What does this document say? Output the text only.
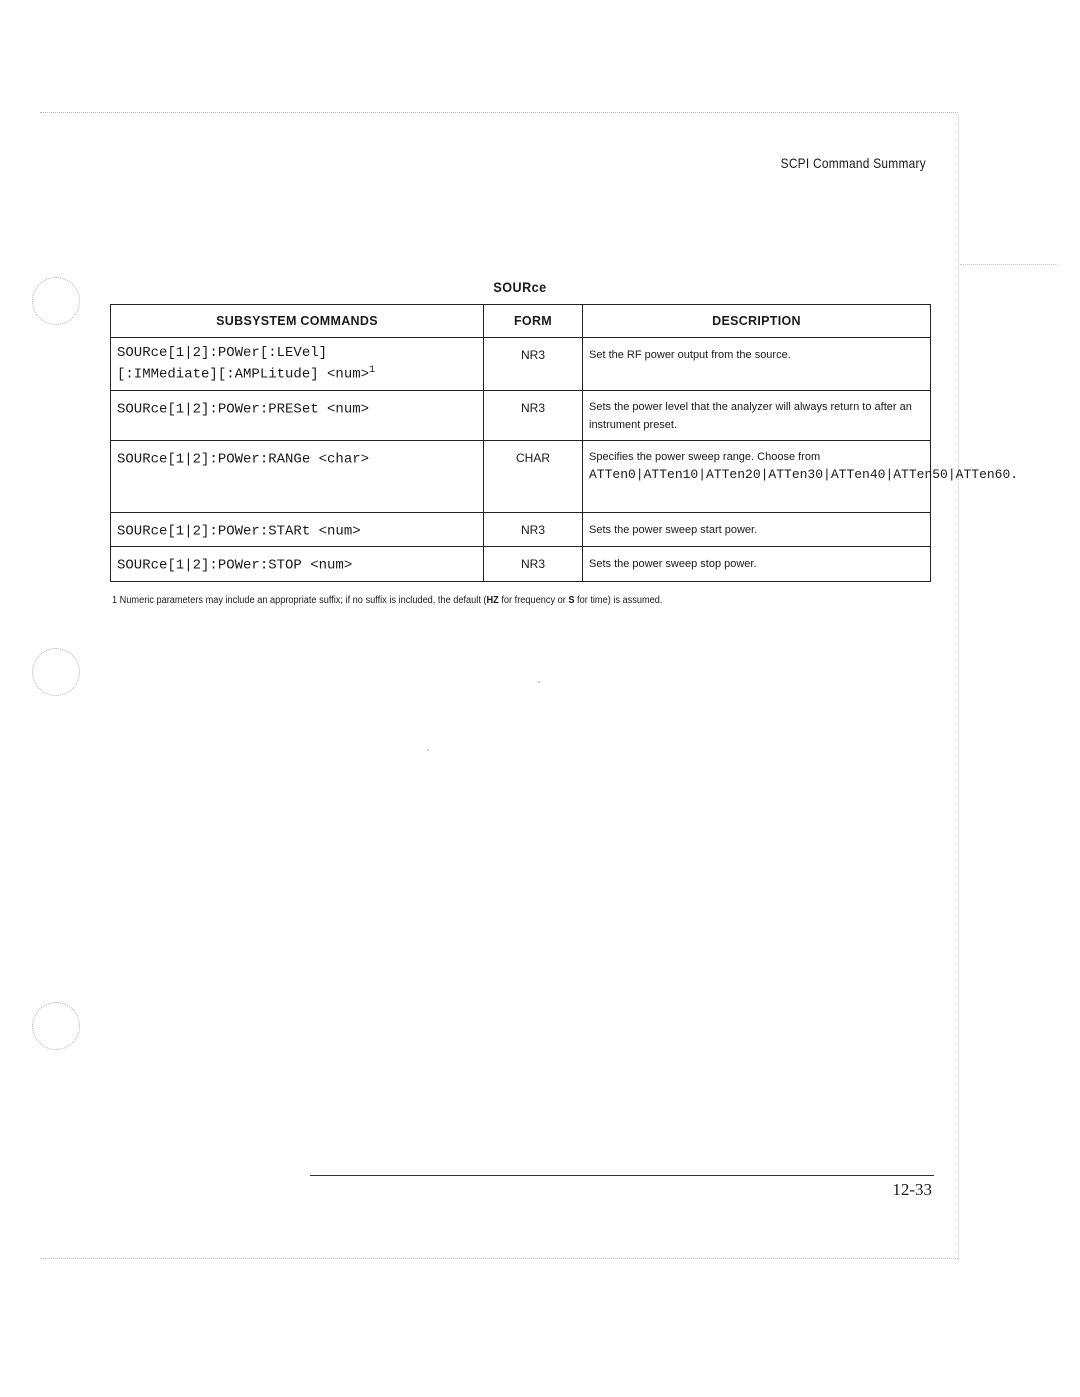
SCPI Command Summary
SOURce
SUBSYSTEM COMMANDS	FORM	DESCRIPTION
SOURce[1|2]:POWer[:LEVel]
[:IMMediate][:AMPLitude] <num>$^1$	NR3	Set the RF power output from the source.
SOURce[1|2]:POWer:PRESet <num>	NR3	Sets the power level that the analyzer will always return to after an instrument preset.
SOURce[1|2]:POWer:RANGe <char>	CHAR	Specifies the power sweep range. Choose from ATTen0|ATTen10|ATTen20|ATTen30|ATTen40|ATTen50|ATTen60.
SOURce[1|2]:POWer:STARt <num>	NR3	Sets the power sweep start power.
SOURce[1|2]:POWer:STOP <num>	NR3	Sets the power sweep stop power.
1 Numeric parameters may include an appropriate suffix; if no suffix is included, the default (HZ for frequency or S for time) is assumed.
12-33
